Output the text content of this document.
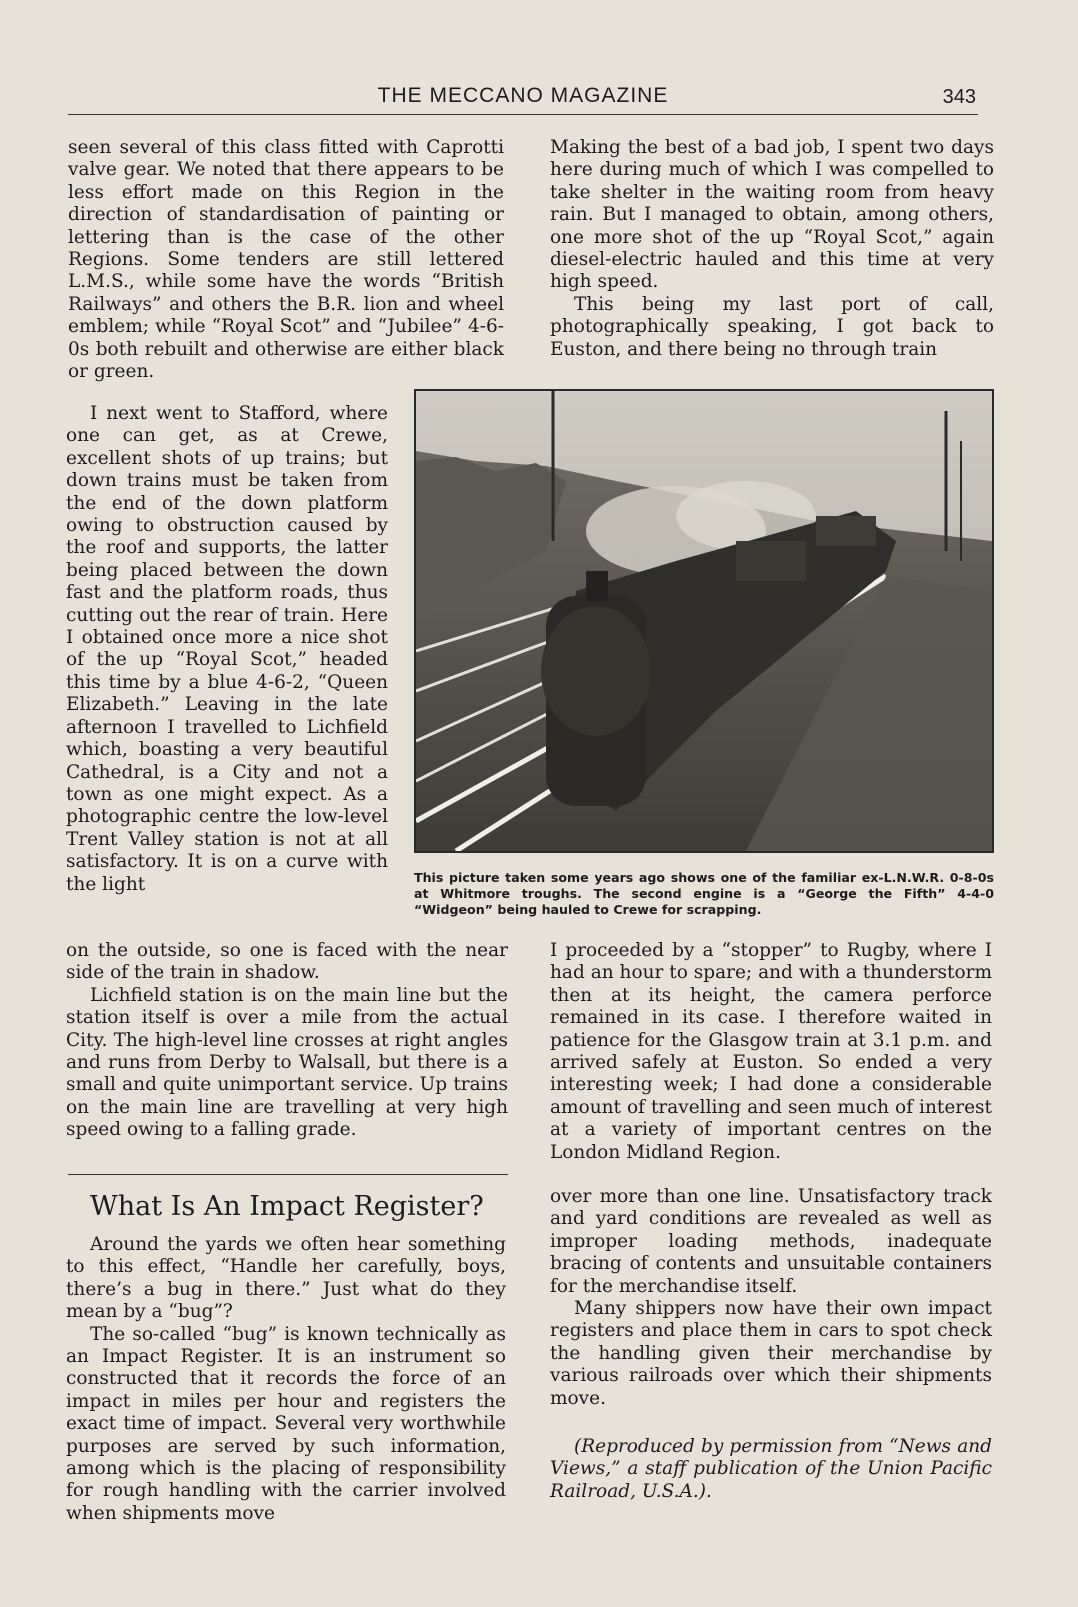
THE MECCANO MAGAZINE	343

seen several of this class fitted with Caprotti valve gear. We noted that there appears to be less effort made on this Region in the direction of standardisation of painting or lettering than is the case of the other Regions. Some tenders are still lettered L.M.S., while some have the words “British Railways” and others the B.R. lion and wheel emblem; while “Royal Scot” and “Jubilee” 4-6-0s both rebuilt and otherwise are either black or green.

Making the best of a bad job, I spent two days here during much of which I was compelled to take shelter in the waiting room from heavy rain. But I managed to obtain, among others, one more shot of the up “Royal Scot,” again diesel-electric hauled and this time at very high speed.

This being my last port of call, photographically speaking, I got back to Euston, and there being no through train

I next went to Stafford, where one can get, as at Crewe, excellent shots of up trains; but down trains must be taken from the end of the down platform owing to obstruction caused by the roof and supports, the latter being placed between the down fast and the platform roads, thus cutting out the rear of train. Here I obtained once more a nice shot of the up “Royal Scot,” headed this time by a blue 4-6-2, “Queen Elizabeth.” Leaving in the late afternoon I travelled to Lichfield which, boasting a very beautiful Cathedral, is a City and not a town as one might expect. As a photographic centre the low-level Trent Valley station is not at all satisfactory. It is on a curve with the light	This picture taken some years ago shows one of the familiar ex-L.N.W.R. 0-8-0s at Whitmore troughs. The second engine is a “George the Fifth” 4-4-0 “Widgeon” being hauled to Crewe for scrapping.

on the outside, so one is faced with the near side of the train in shadow.

Lichfield station is on the main line but the station itself is over a mile from the actual City. The high-level line crosses at right angles and runs from Derby to Walsall, but there is a small and quite unimportant service. Up trains on the main line are travelling at very high speed owing to a falling grade.

I proceeded by a “stopper” to Rugby, where I had an hour to spare; and with a thunderstorm then at its height, the camera perforce remained in its case. I therefore waited in patience for the Glasgow train at 3.1 p.m. and arrived safely at Euston. So ended a very interesting week; I had done a considerable amount of travelling and seen much of interest at a variety of important centres on the London Midland Region.

What Is An Impact Register?

Around the yards we often hear something to this effect, “Handle her carefully, boys, there’s a bug in there.” Just what do they mean by a “bug”?

The so-called “bug” is known technically as an Impact Register. It is an instrument so constructed that it records the force of an impact in miles per hour and registers the exact time of impact. Several very worthwhile purposes are served by such information, among which is the placing of responsibility for rough handling with the carrier involved when shipments move

over more than one line. Unsatisfactory track and yard conditions are revealed as well as improper loading methods, inadequate bracing of contents and unsuitable containers for the merchandise itself.

Many shippers now have their own impact registers and place them in cars to spot check the handling given their merchandise by various railroads over which their shipments move.

(Reproduced by permission from “News and Views,” a staff publication of the Union Pacific Railroad, U.S.A.).
